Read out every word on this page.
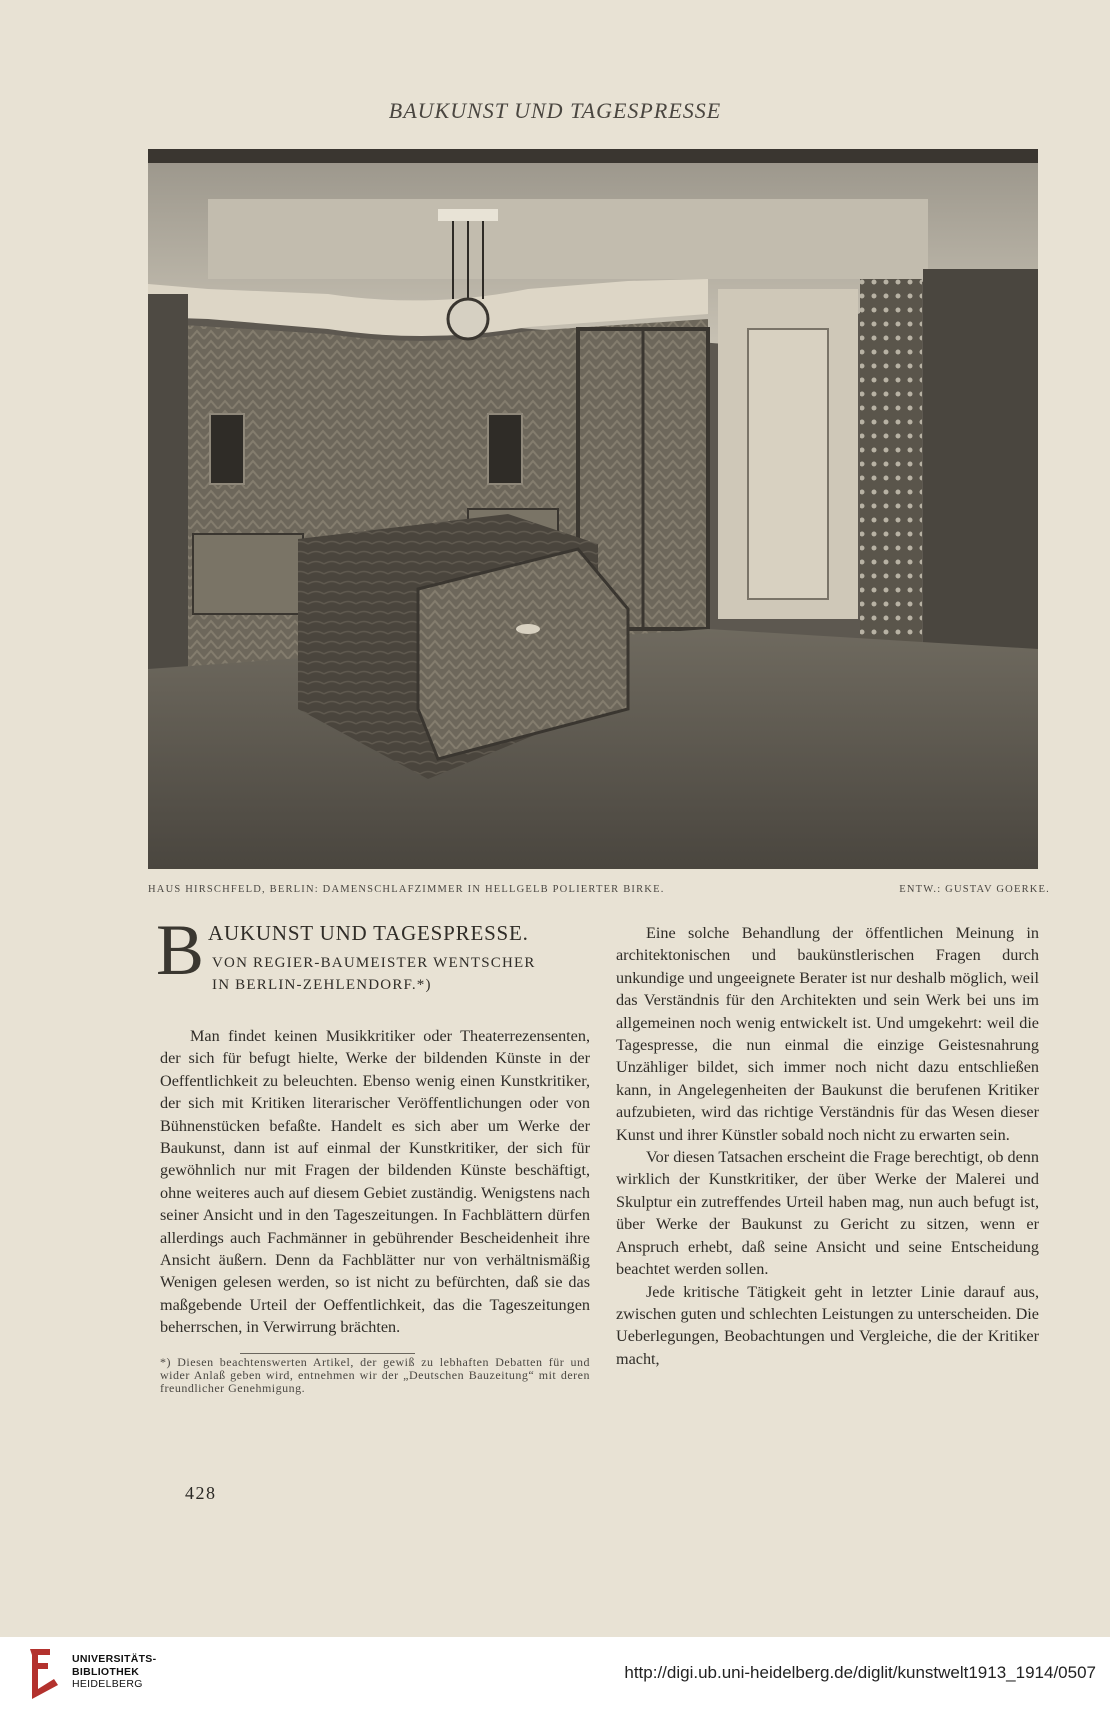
BAUKUNST UND TAGESPRESSE
HAUS HIRSCHFELD, BERLIN: DAMENSCHLAFZIMMER IN HELLGELB POLIERTER BIRKE.	ENTW.: GUSTAV GOERKE.
B AUKUNST UND TAGESPRESSE.
VON REGIER-BAUMEISTER WENTSCHER
IN BERLIN-ZEHLENDORF.*)

Man findet keinen Musikkritiker oder Theaterrezensenten, der sich für befugt hielte, Werke der bildenden Künste in der Oeffentlichkeit zu beleuchten. Ebenso wenig einen Kunstkritiker, der sich mit Kritiken literarischer Veröffentlichungen oder von Bühnenstücken befaßte. Handelt es sich aber um Werke der Baukunst, dann ist auf einmal der Kunstkritiker, der sich für gewöhnlich nur mit Fragen der bildenden Künste beschäftigt, ohne weiteres auch auf diesem Gebiet zuständig. Wenigstens nach seiner Ansicht und in den Tageszeitungen. In Fachblättern dürfen allerdings auch Fachmänner in gebührender Bescheidenheit ihre Ansicht äußern. Denn da Fachblätter nur von verhältnismäßig Wenigen gelesen werden, so ist nicht zu befürchten, daß sie das maßgebende Urteil der Oeffentlichkeit, das die Tageszeitungen beherrschen, in Verwirrung brächten.

*) Diesen beachtenswerten Artikel, der gewiß zu lebhaften Debatten für und wider Anlaß geben wird, entnehmen wir der „Deutschen Bauzeitung“ mit deren freundlicher Genehmigung.

Eine solche Behandlung der öffentlichen Meinung in architektonischen und baukünstlerischen Fragen durch unkundige und ungeeignete Berater ist nur deshalb möglich, weil das Verständnis für den Architekten und sein Werk bei uns im allgemeinen noch wenig entwickelt ist. Und umgekehrt: weil die Tagespresse, die nun einmal die einzige Geistesnahrung Unzähliger bildet, sich immer noch nicht dazu entschließen kann, in Angelegenheiten der Baukunst die berufenen Kritiker aufzubieten, wird das richtige Verständnis für das Wesen dieser Kunst und ihrer Künstler sobald noch nicht zu erwarten sein.

Vor diesen Tatsachen erscheint die Frage berechtigt, ob denn wirklich der Kunstkritiker, der über Werke der Malerei und Skulptur ein zutreffendes Urteil haben mag, nun auch befugt ist, über Werke der Baukunst zu Gericht zu sitzen, wenn er Anspruch erhebt, daß seine Ansicht und seine Entscheidung beachtet werden sollen.

Jede kritische Tätigkeit geht in letzter Linie darauf aus, zwischen guten und schlechten Leistungen zu unterscheiden. Die Ueberlegungen, Beobachtungen und Vergleiche, die der Kritiker macht,

428
UNIVERSITÄTS-
BIBLIOTHEK
HEIDELBERG
http://digi.ub.uni-heidelberg.de/diglit/kunstwelt1913_1914/0507
